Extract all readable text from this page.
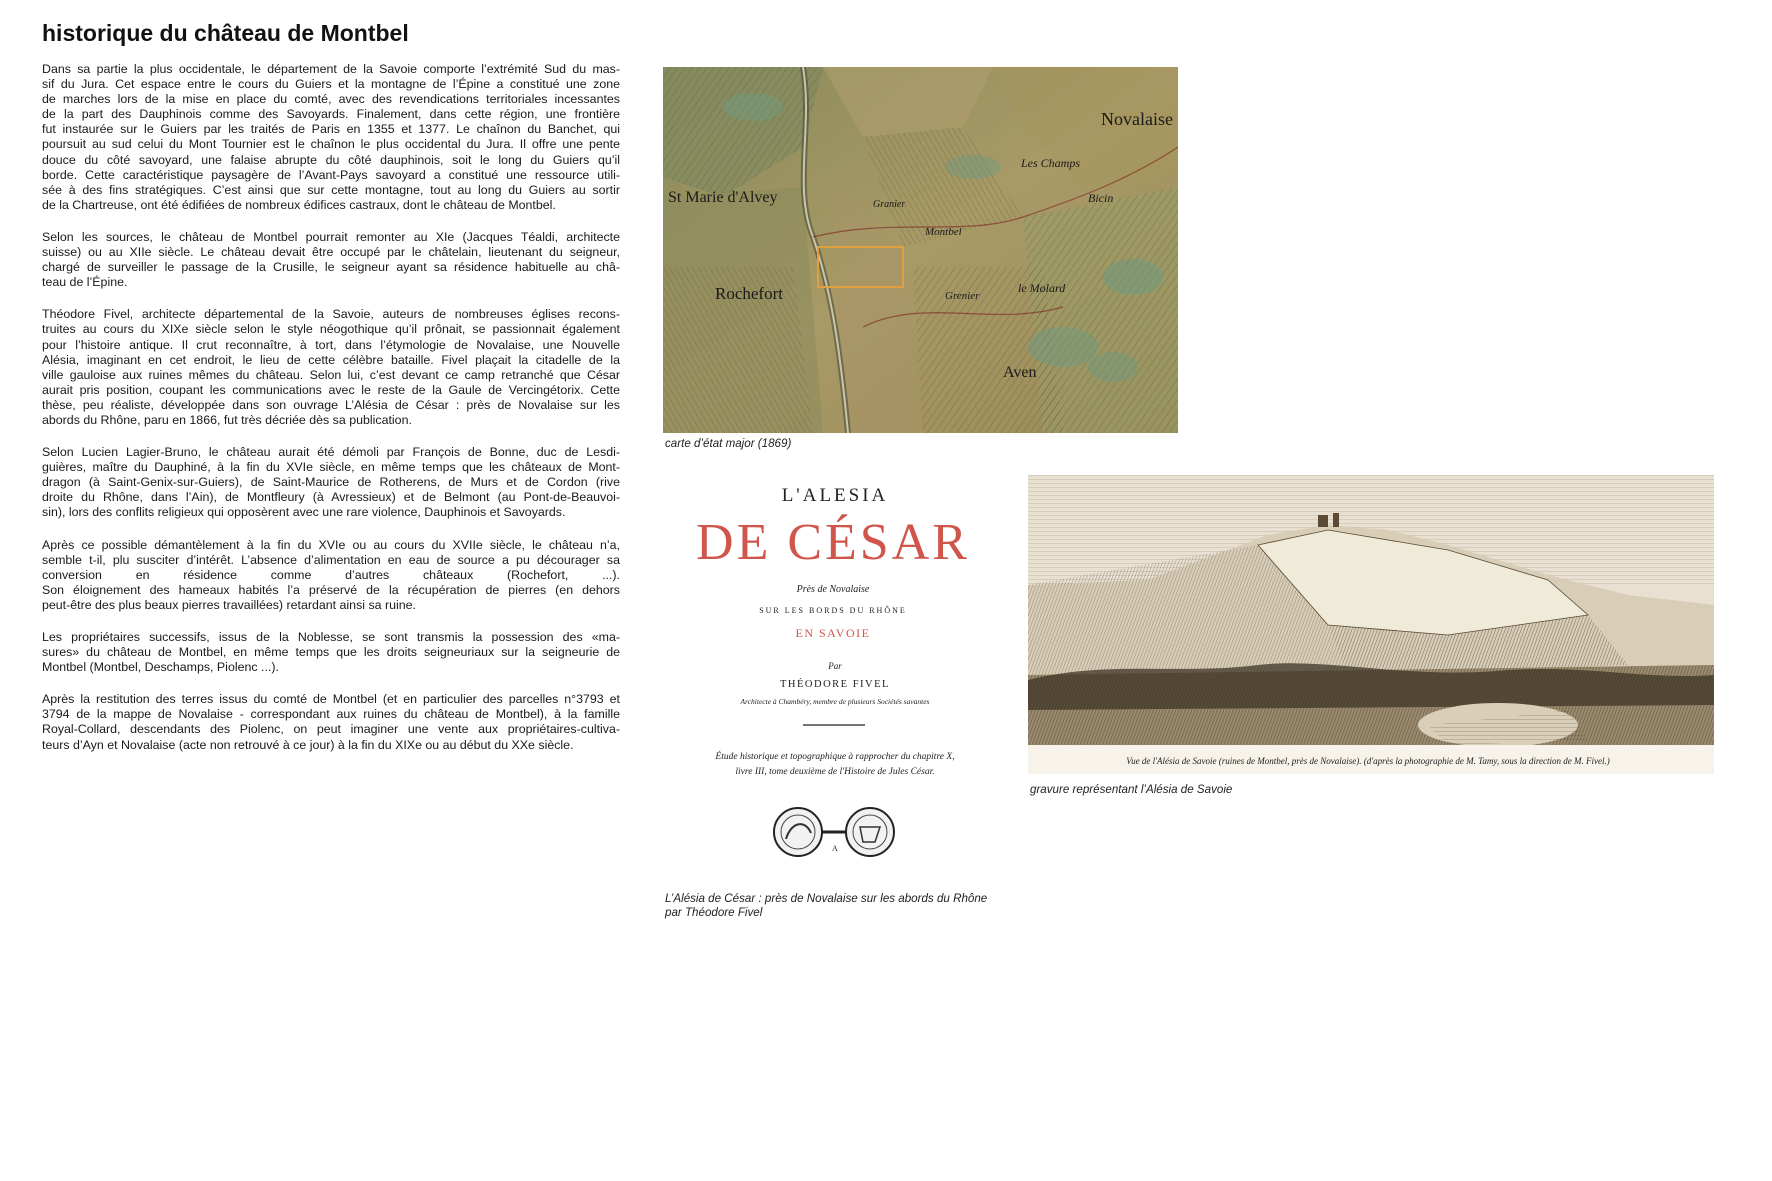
historique du château de Montbel

Dans sa partie la plus occidentale, le département de la Savoie comporte l’extrémité Sud du mas-
sif du Jura. Cet espace entre le cours du Guiers et la montagne de l’Épine a constitué une zone
de marches lors de la mise en place du comté, avec des revendications territoriales incessantes
de la part des Dauphinois comme des Savoyards. Finalement, dans cette région, une frontière
fut instaurée sur le Guiers par les traités de Paris en 1355 et 1377. Le chaînon du Banchet, qui
poursuit au sud celui du Mont Tournier est le chaînon le plus occidental du Jura. Il offre une pente
douce du côté savoyard, une falaise abrupte du côté dauphinois, soit le long du Guiers qu’il
borde. Cette caractéristique paysagère de l’Avant-Pays savoyard a constitué une ressource utili-
sée à des fins stratégiques. C’est ainsi que sur cette montagne, tout au long du Guiers au sortir
de la Chartreuse, ont été édifiées de nombreux édifices castraux, dont le château de Montbel.

Selon les sources, le château de Montbel pourrait remonter au XIe (Jacques Téaldi, architecte
suisse) ou au XIIe siècle. Le château devait être occupé par le châtelain, lieutenant du seigneur,
chargé de surveiller le passage de la Crusille, le seigneur ayant sa résidence habituelle au châ-
teau de l’Épine.

Théodore Fivel, architecte départemental de la Savoie, auteurs de nombreuses églises recons-
truites au cours du XIXe siècle selon le style néogothique qu’il prônait, se passionnait également
pour l’histoire antique. Il crut reconnaître, à tort, dans l’étymologie de Novalaise, une Nouvelle
Alésia, imaginant en cet endroit, le lieu de cette célèbre bataille. Fivel plaçait la citadelle de la
ville gauloise aux ruines mêmes du château. Selon lui, c’est devant ce camp retranché que César
aurait pris position, coupant les communications avec le reste de la Gaule de Vercingétorix. Cette
thèse, peu réaliste, développée dans son ouvrage L’Alésia de César : près de Novalaise sur les
abords du Rhône, paru en 1866, fut très décriée dès sa publication.

Selon Lucien Lagier-Bruno, le château aurait été démoli par François de Bonne, duc de Lesdi-
guières, maître du Dauphiné, à la fin du XVIe siècle, en même temps que les châteaux de Mont-
dragon (à Saint-Genix-sur-Guiers), de Saint-Maurice de Rotherens, de Murs et de Cordon (rive
droite du Rhône, dans l’Ain), de Montfleury (à Avressieux) et de Belmont (au Pont-de-Beauvoi-
sin), lors des conflits religieux qui opposèrent avec une rare violence, Dauphinois et Savoyards.

Après ce possible démantèlement à la fin du XVIe ou au cours du XVIIe siècle, le château n’a,
semble t-il, plu susciter d’intérêt. L’absence d’alimentation en eau de source a pu décourager sa
conversion en résidence comme d’autres châteaux (Rochefort, ...).
Son éloignement des hameaux habités l’a préservé de la récupération de pierres (en dehors
peut-être des plus beaux pierres travaillées) retardant ainsi sa ruine.

Les propriétaires successifs, issus de la Noblesse, se sont transmis la possession des «ma-
sures» du château de Montbel, en même temps que les droits seigneuriaux sur la seigneurie de
Montbel (Montbel, Deschamps, Piolenc ...).

Après la restitution des terres issus du comté de Montbel (et en particulier des parcelles n°3793 et
3794 de la mappe de Novalaise - correspondant aux ruines du château de Montbel), à la famille
Royal-Collard, descendants des Piolenc, on peut imaginer une vente aux propriétaires-cultiva-
teurs d’Ayn et Novalaise (acte non retrouvé à ce jour) à la fin du XIXe ou au début du XXe siècle.

Novalaise
St Marie d'Alvey
Rochefort
Montbel
Aven
Bicin
Les Champs
le Molard
Grenier
Granier
carte d’état major (1869)
L'ALESIA
DE CÉSAR
Près de Novalaise
SUR LES BORDS DU RHÔNE
EN SAVOIE
Par
THÉODORE FIVEL
Architecte à Chambéry, membre de plusieurs Sociétés savantes
Étude historique et topographique à rapprocher du chapitre X,
livre III, tome deuxième de l'Histoire de Jules César.
A
L’Alésia de César : près de Novalaise sur les abords du Rhône
par Théodore Fivel
Vue de l'Alésia de Savoie (ruines de Montbel, près de Novalaise). (d'après la photographie de M. Tamy, sous la direction de M. Fivel.)
gravure représentant l’Alésia de Savoie
